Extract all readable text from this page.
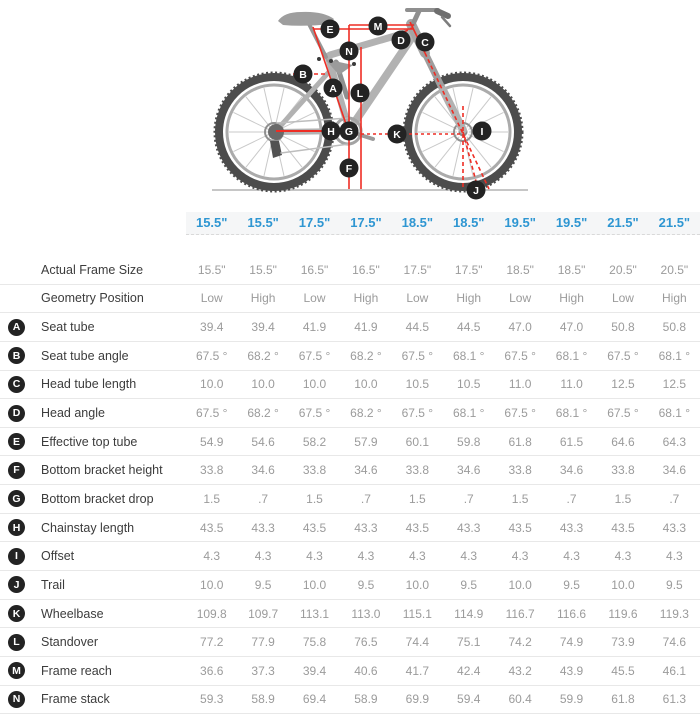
A
B
C
D
E
F
G
H	I
J
K
L
M
N
15.5"	15.5"	17.5"	17.5"	18.5"	18.5"	19.5"	19.5"	21.5"	21.5"
Actual Frame Size	15.5"	15.5"	16.5"	16.5"	17.5"	17.5"	18.5"	18.5"	20.5"	20.5"
Geometry Position	Low	High	Low	High	Low	High	Low	High	Low	High
A	Seat tube	39.4	39.4	41.9	41.9	44.5	44.5	47.0	47.0	50.8	50.8
B	Seat tube angle	67.5 °	68.2 °	67.5 °	68.2 °	67.5 °	68.1 °	67.5 °	68.1 °	67.5 °	68.1 °
C	Head tube length	10.0	10.0	10.0	10.0	10.5	10.5	11.0	11.0	12.5	12.5
D	Head angle	67.5 °	68.2 °	67.5 °	68.2 °	67.5 °	68.1 °	67.5 °	68.1 °	67.5 °	68.1 °
E	Effective top tube	54.9	54.6	58.2	57.9	60.1	59.8	61.8	61.5	64.6	64.3
F	Bottom bracket height	33.8	34.6	33.8	34.6	33.8	34.6	33.8	34.6	33.8	34.6
G	Bottom bracket drop	1.5	.7	1.5	.7	1.5	.7	1.5	.7	1.5	.7
H	Chainstay length	43.5	43.3	43.5	43.3	43.5	43.3	43.5	43.3	43.5	43.3
I	Offset	4.3	4.3	4.3	4.3	4.3	4.3	4.3	4.3	4.3	4.3
J	Trail	10.0	9.5	10.0	9.5	10.0	9.5	10.0	9.5	10.0	9.5
K	Wheelbase	109.8	109.7	113.1	113.0	115.1	114.9	116.7	116.6	119.6	119.3
L	Standover	77.2	77.9	75.8	76.5	74.4	75.1	74.2	74.9	73.9	74.6
M	Frame reach	36.6	37.3	39.4	40.6	41.7	42.4	43.2	43.9	45.5	46.1
N	Frame stack	59.3	58.9	69.4	58.9	69.9	59.4	60.4	59.9	61.8	61.3
